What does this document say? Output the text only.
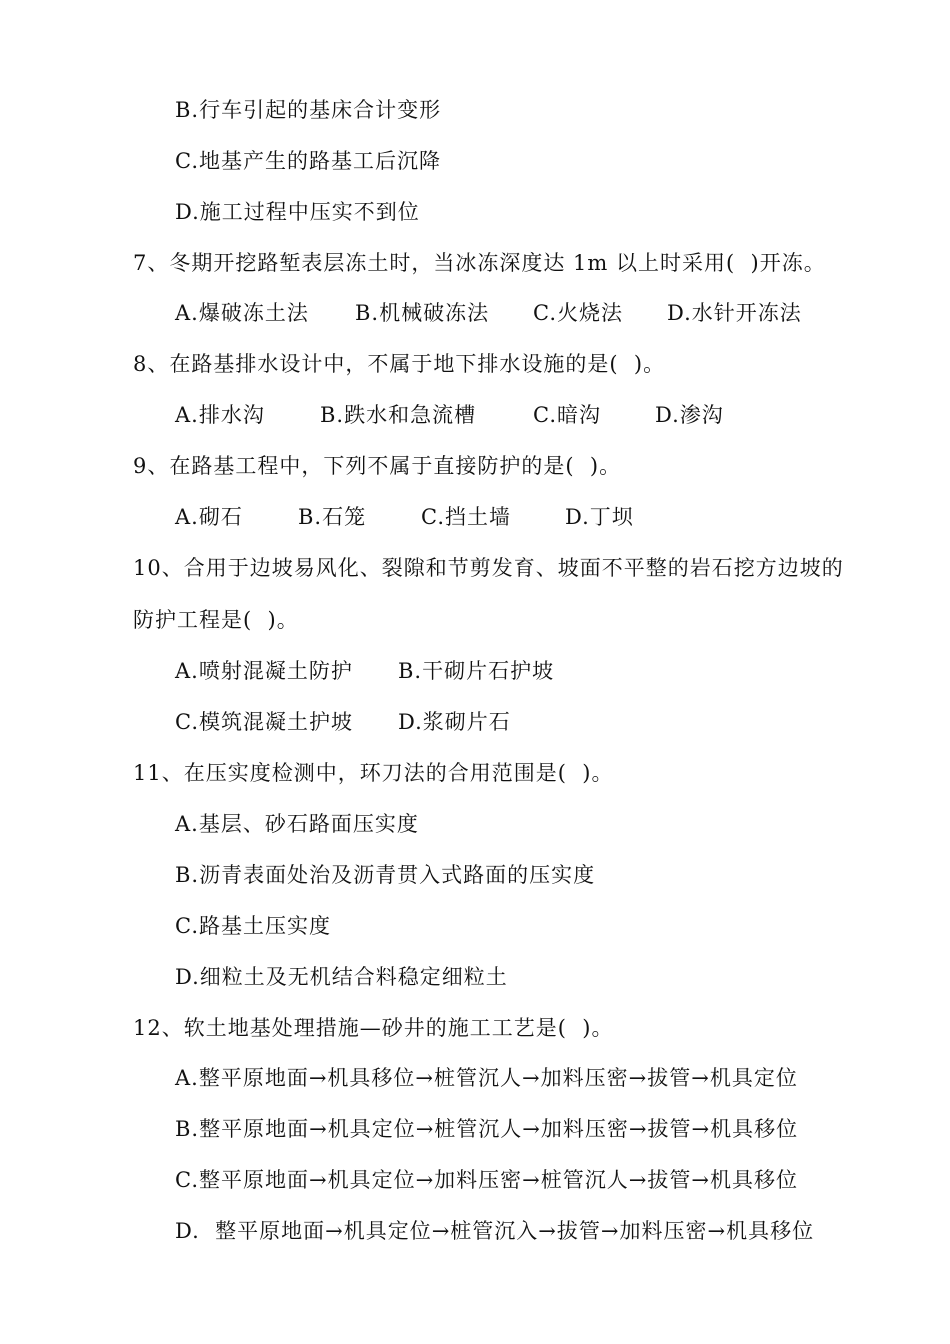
B.行车引起的基床合计变形
C.地基产生的路基工后沉降
D.施工过程中压实不到位
7、冬期开挖路堑表层冻土时，当冰冻深度达 1m 以上时采用(  )开冻。

A.爆破冻土法

B.机械破冻法

C.火烧法

D.水针开冻法

8、在路基排水设计中，不属于地下排水设施的是(  )。

A.排水沟

	B.跌水和急流槽

	C.暗沟

	D.渗沟

9、在路基工程中，下列不属于直接防护的是(  )。

A.砌石

	B.石笼

	C.挡土墙

	D.丁坝

10、合用于边坡易风化、裂隙和节剪发育、坡面不平整的岩石挖方边坡的
防护工程是(  )。

A.喷射混凝土防护

B.干砌片石护坡

C.模筑混凝土护坡

D.浆砌片石

11、在压实度检测中，环刀法的合用范围是(  )。
A.基层、砂石路面压实度
B.沥青表面处治及沥青贯入式路面的压实度
C.路基土压实度
D.细粒土及无机结合料稳定细粒土
12、软土地基处理措施—砂井的施工工艺是(  )。
A.整平原地面→机具移位→桩管沉人→加料压密→拔管→机具定位
B.整平原地面→机具定位→桩管沉人→加料压密→拔管→机具移位
C.整平原地面→机具定位→加料压密→桩管沉人→拔管→机具移位
D.  整平原地面→机具定位→桩管沉入→拔管→加料压密→机具移位
